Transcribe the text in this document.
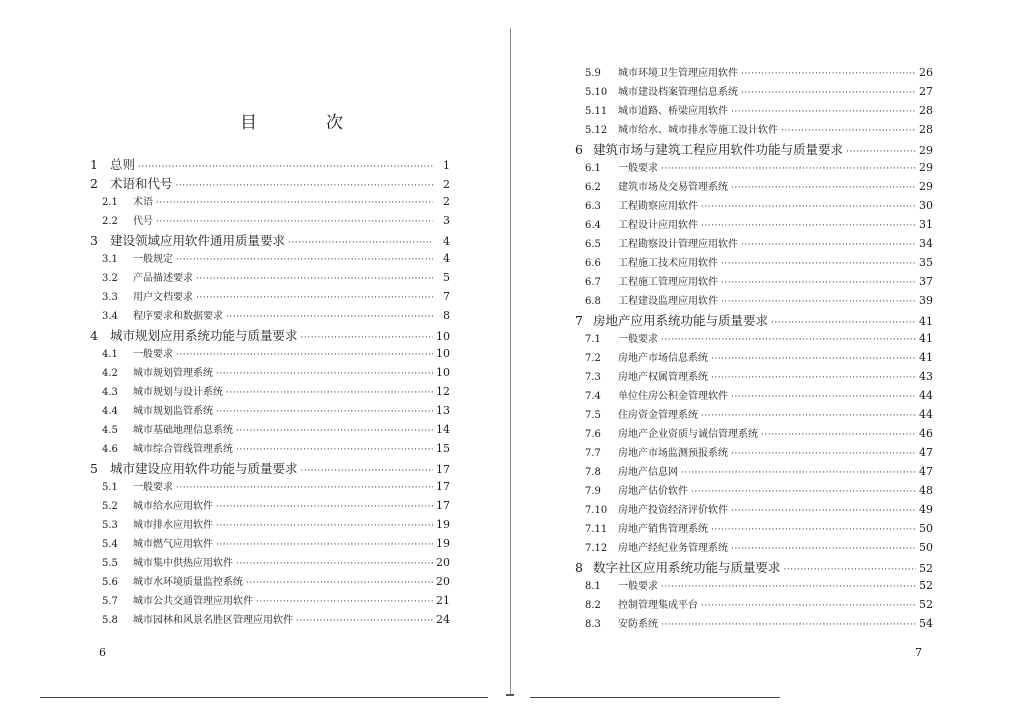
目　次
1 总则 ·····	1
2 术语和代号 ·····	2
2.1	术语 ·····	2
2.2	代号 ·····	3
3 建设领域应用软件通用质量要求 ·····	4
3.1	一般规定 ·····	4
3.2	产品描述要求 ·····	5
3.3	用户文档要求 ·····	7
3.4	程序要求和数据要求 ·····	8
4 城市规划应用系统功能与质量要求 ·····	10
4.1	一般要求 ·····	10
4.2	城市规划管理系统 ·····	10
4.3	城市规划与设计系统 ·····	12
4.4	城市规划监管系统 ·····	13
4.5	城市基础地理信息系统 ·····	14
4.6	城市综合管线管理系统 ·····	15
5 城市建设应用软件功能与质量要求 ·····	17
5.1	一般要求 ·····	17
5.2	城市给水应用软件 ·····	17
5.3	城市排水应用软件 ·····	19
5.4	城市燃气应用软件 ·····	19
5.5	城市集中供热应用软件 ·····	20
5.6	城市水环境质量监控系统 ·····	20
5.7	城市公共交通管理应用软件 ·····	21
5.8	城市园林和风景名胜区管理应用软件 ·····	24
6	7
5.9	城市环境卫生管理应用软件 ·····	26
5.10	城市建设档案管理信息系统 ·····	27
5.11	城市道路、桥梁应用软件 ·····	28
5.12	城市给水、城市排水等施工设计软件 ·····	28
6 建筑市场与建筑工程应用软件功能与质量要求 ·····	29
6.1	一般要求 ·····	29
6.2	建筑市场及交易管理系统 ·····	29
6.3	工程勘察应用软件 ·····	30
6.4	工程设计应用软件 ·····	31
6.5	工程勘察设计管理应用软件 ·····	34
6.6	工程施工技术应用软件 ·····	35
6.7	工程施工管理应用软件 ·····	37
6.8	工程建设监理应用软件 ·····	39
7 房地产应用系统功能与质量要求 ·····	41
7.1	一般要求 ·····	41
7.2	房地产市场信息系统 ·····	41
7.3	房地产权属管理系统 ·····	43
7.4	单位住房公积金管理软件 ·····	44
7.5	住房资金管理系统 ·····	44
7.6	房地产企业资质与诚信管理系统 ·····	46
7.7	房地产市场监测预报系统 ·····	47
7.8	房地产信息网 ·····	47
7.9	房地产估价软件 ·····	48
7.10	房地产投资经济评价软件 ·····	49
7.11	房地产销售管理系统 ·····	50
7.12	房地产经纪业务管理系统 ·····	50
8 数字社区应用系统功能与质量要求 ·····	52
8.1	一般要求 ·····	52
8.2	控制管理集成平台 ·····	52
8.3	安防系统 ·····	54
